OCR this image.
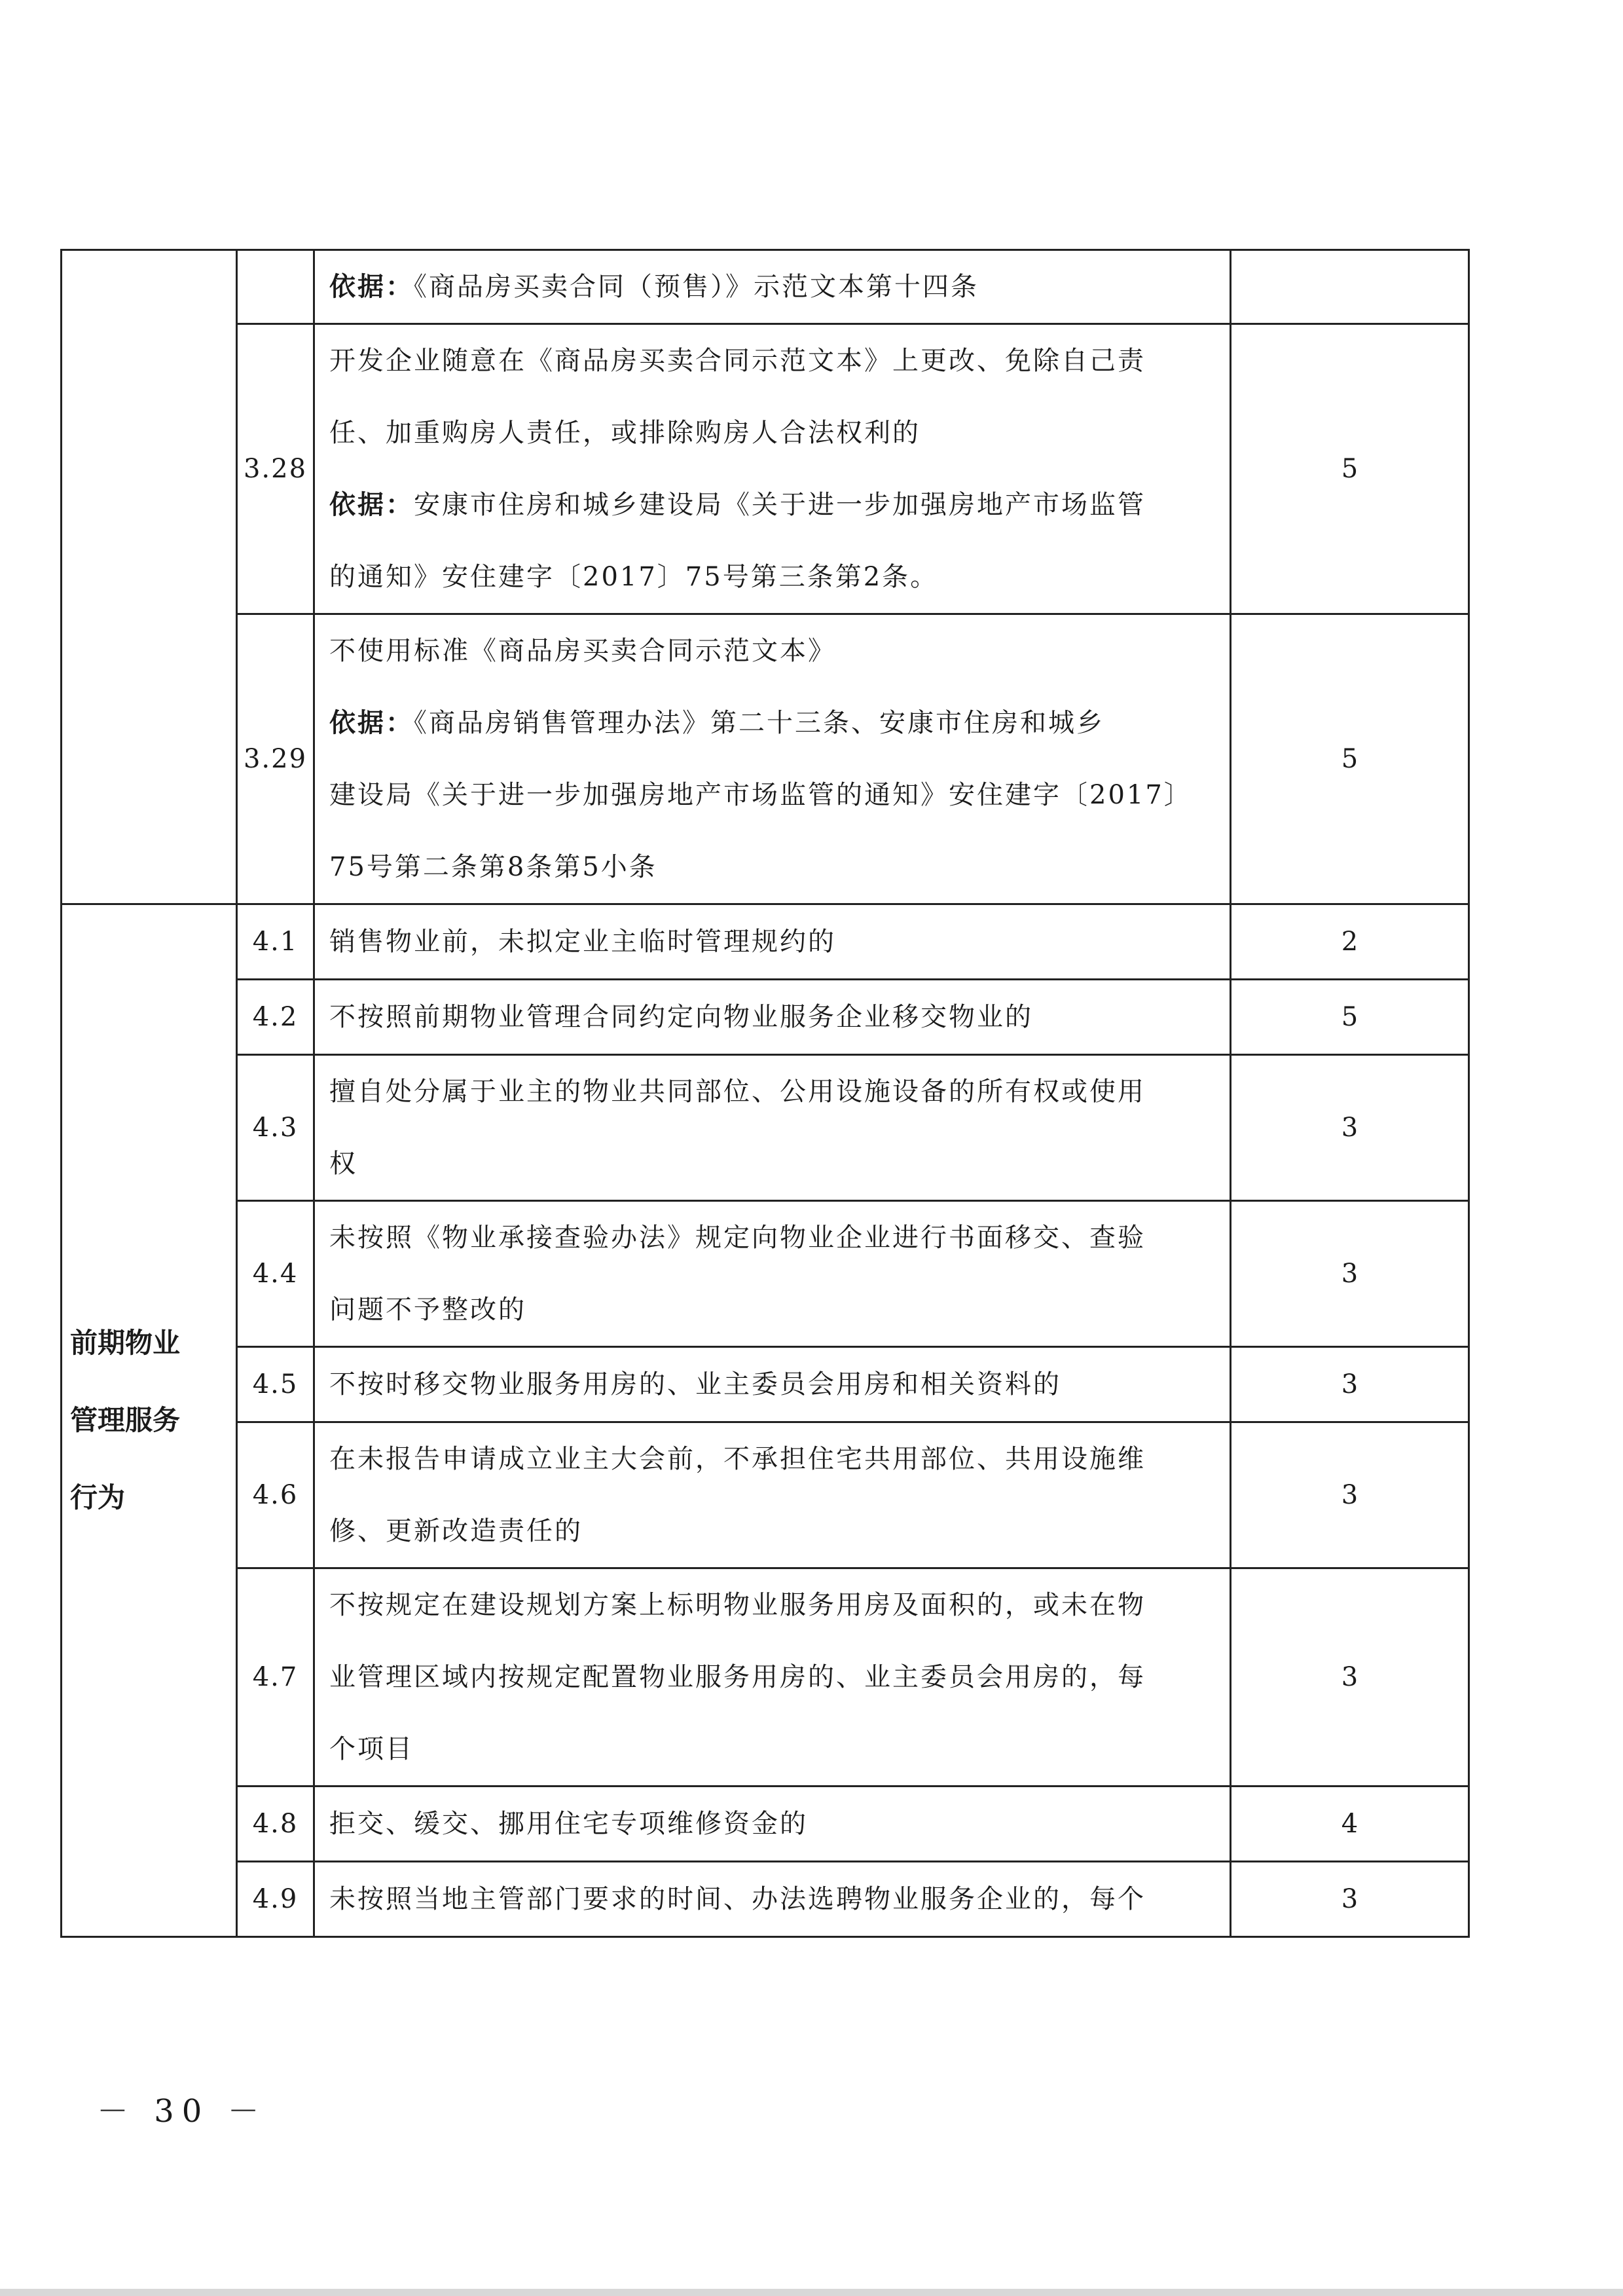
		依据：《商品房买卖合同（预售）》示范文本第十四条	

	3.28	开发企业随意在《商品房买卖合同示范文本》上更改、免除自己责
任、加重购房人责任，或排除购房人合法权利的
依据：安康市住房和城乡建设局《关于进一步加强房地产市场监管
的通知》安住建字〔2017〕75号第三条第2条。	5
	3.29	不使用标准《商品房买卖合同示范文本》
依据：《商品房销售管理办法》第二十三条、安康市住房和城乡
建设局《关于进一步加强房地产市场监管的通知》安住建字〔2017〕
75号第二条第8条第5小条	5

前期物业
管理服务
行为	4.1	销售物业前，未拟定业主临时管理规约的	2
	4.2	不按照前期物业管理合同约定向物业服务企业移交物业的	5
	4.3	擅自处分属于业主的物业共同部位、公用设施设备的所有权或使用
权	3
	4.4	未按照《物业承接查验办法》规定向物业企业进行书面移交、查验
问题不予整改的	3
	4.5	不按时移交物业服务用房的、业主委员会用房和相关资料的	3
	4.6	在未报告申请成立业主大会前，不承担住宅共用部位、共用设施维
修、更新改造责任的	3
	4.7	不按规定在建设规划方案上标明物业服务用房及面积的，或未在物
业管理区域内按规定配置物业服务用房的、业主委员会用房的，每
个项目	3
	4.8	拒交、缓交、挪用住宅专项维修资金的	4
	4.9	未按照当地主管部门要求的时间、办法选聘物业服务企业的，每个	3
－ 30 －
